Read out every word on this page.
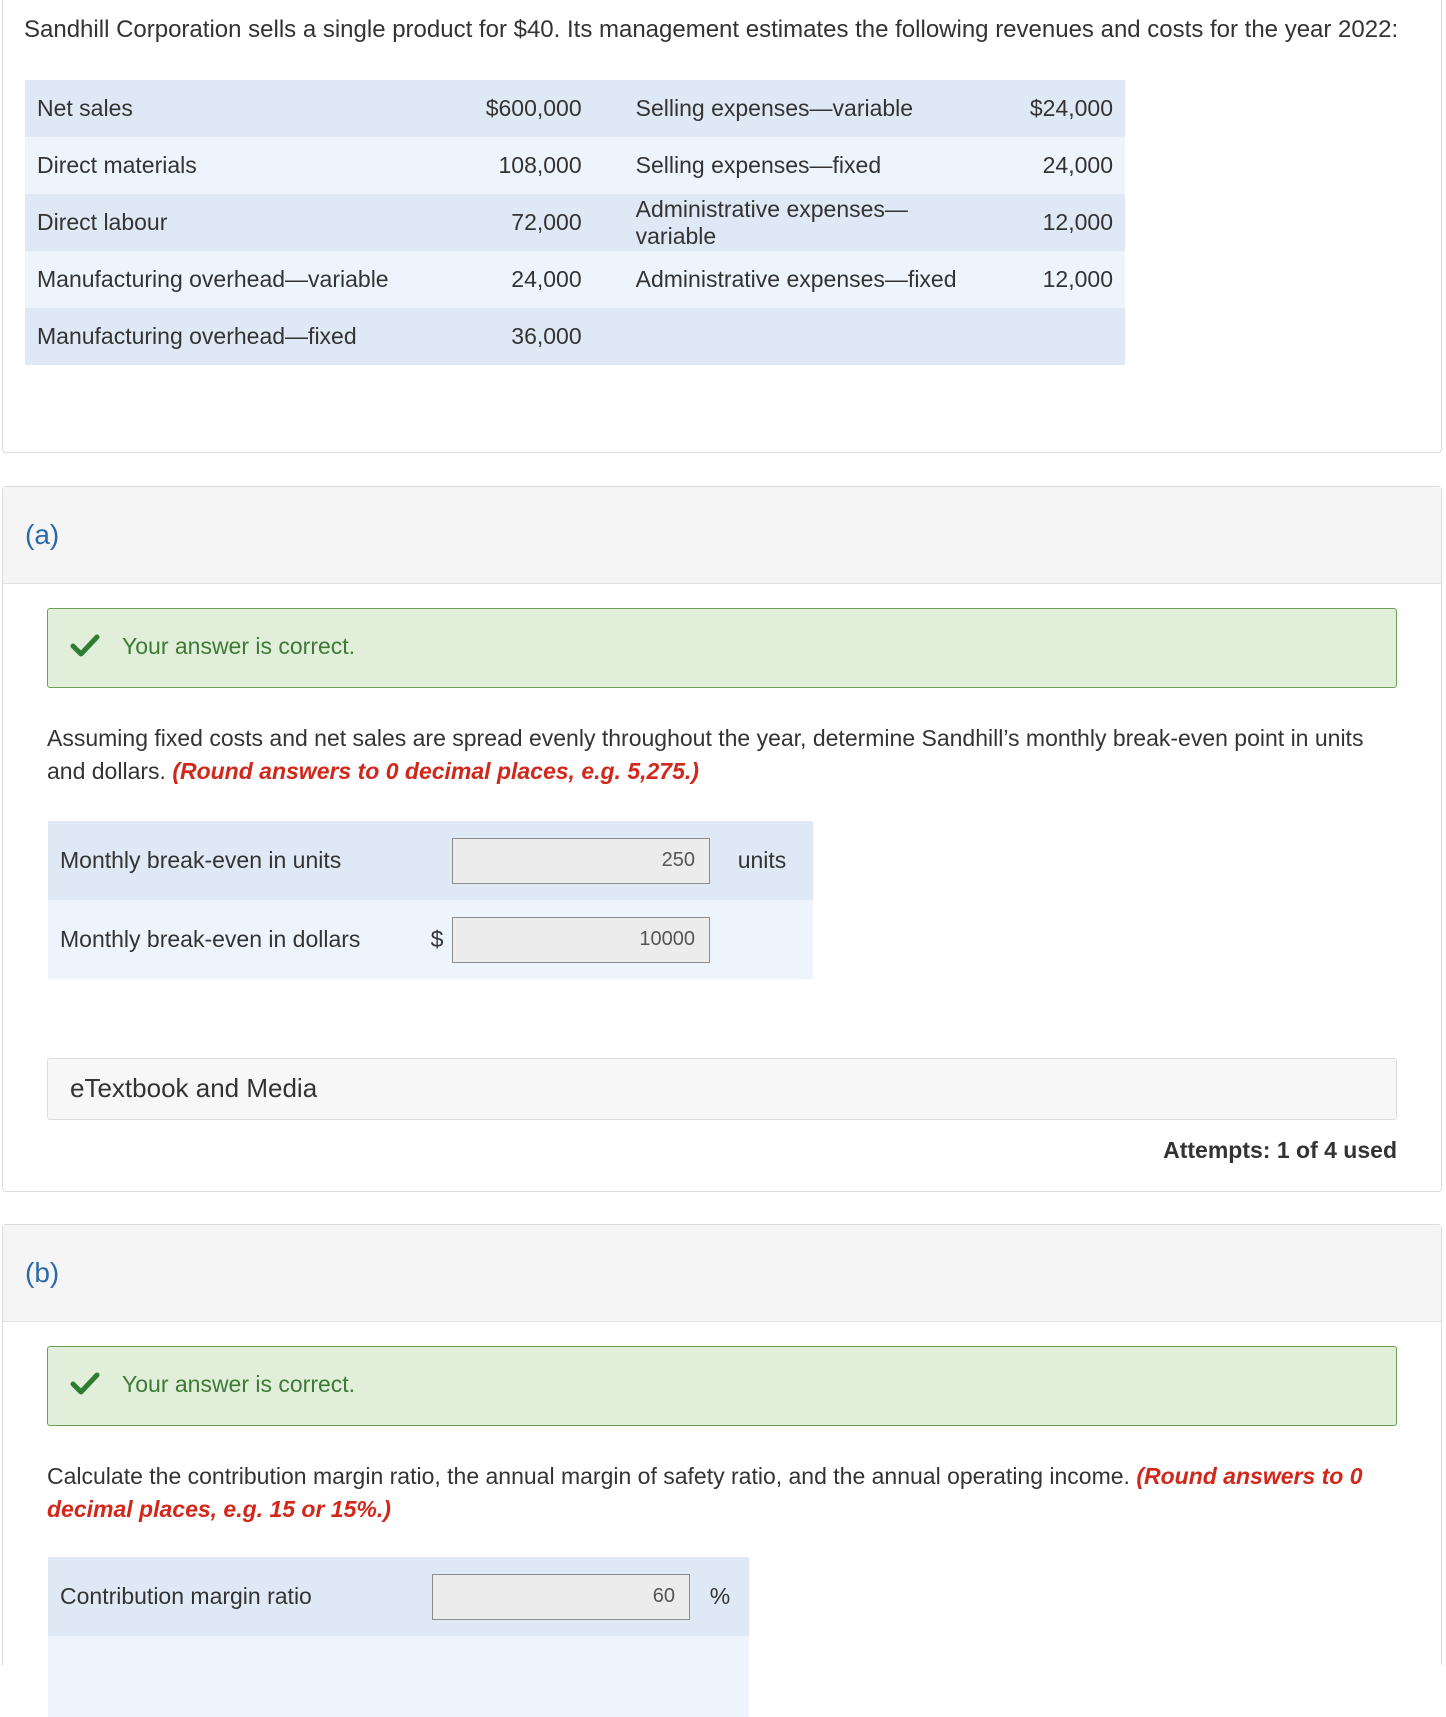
Sandhill Corporation sells a single product for $40. Its management estimates the following revenues and costs for the year 2022:
Net sales	$600,000	Selling expenses—variable	$24,000
Direct materials	108,000	Selling expenses—fixed	24,000
Direct labour	72,000	Administrative expenses—variable	12,000
Manufacturing overhead—variable	24,000	Administrative expenses—fixed	12,000
Manufacturing overhead—fixed	36,000		
(a)
Your answer is correct.
Assuming fixed costs and net sales are spread evenly throughout the year, determine Sandhill’s monthly break-even point in units and dollars. (Round answers to 0 decimal places, e.g. 5,275.)
Monthly break-even in units		250	units
Monthly break-even in dollars	$	10000	
eTextbook and Media
Attempts: 1 of 4 used
(b)
Your answer is correct.
Calculate the contribution margin ratio, the annual margin of safety ratio, and the annual operating income. (Round answers to 0 decimal places, e.g. 15 or 15%.)
Contribution margin ratio	60	%
